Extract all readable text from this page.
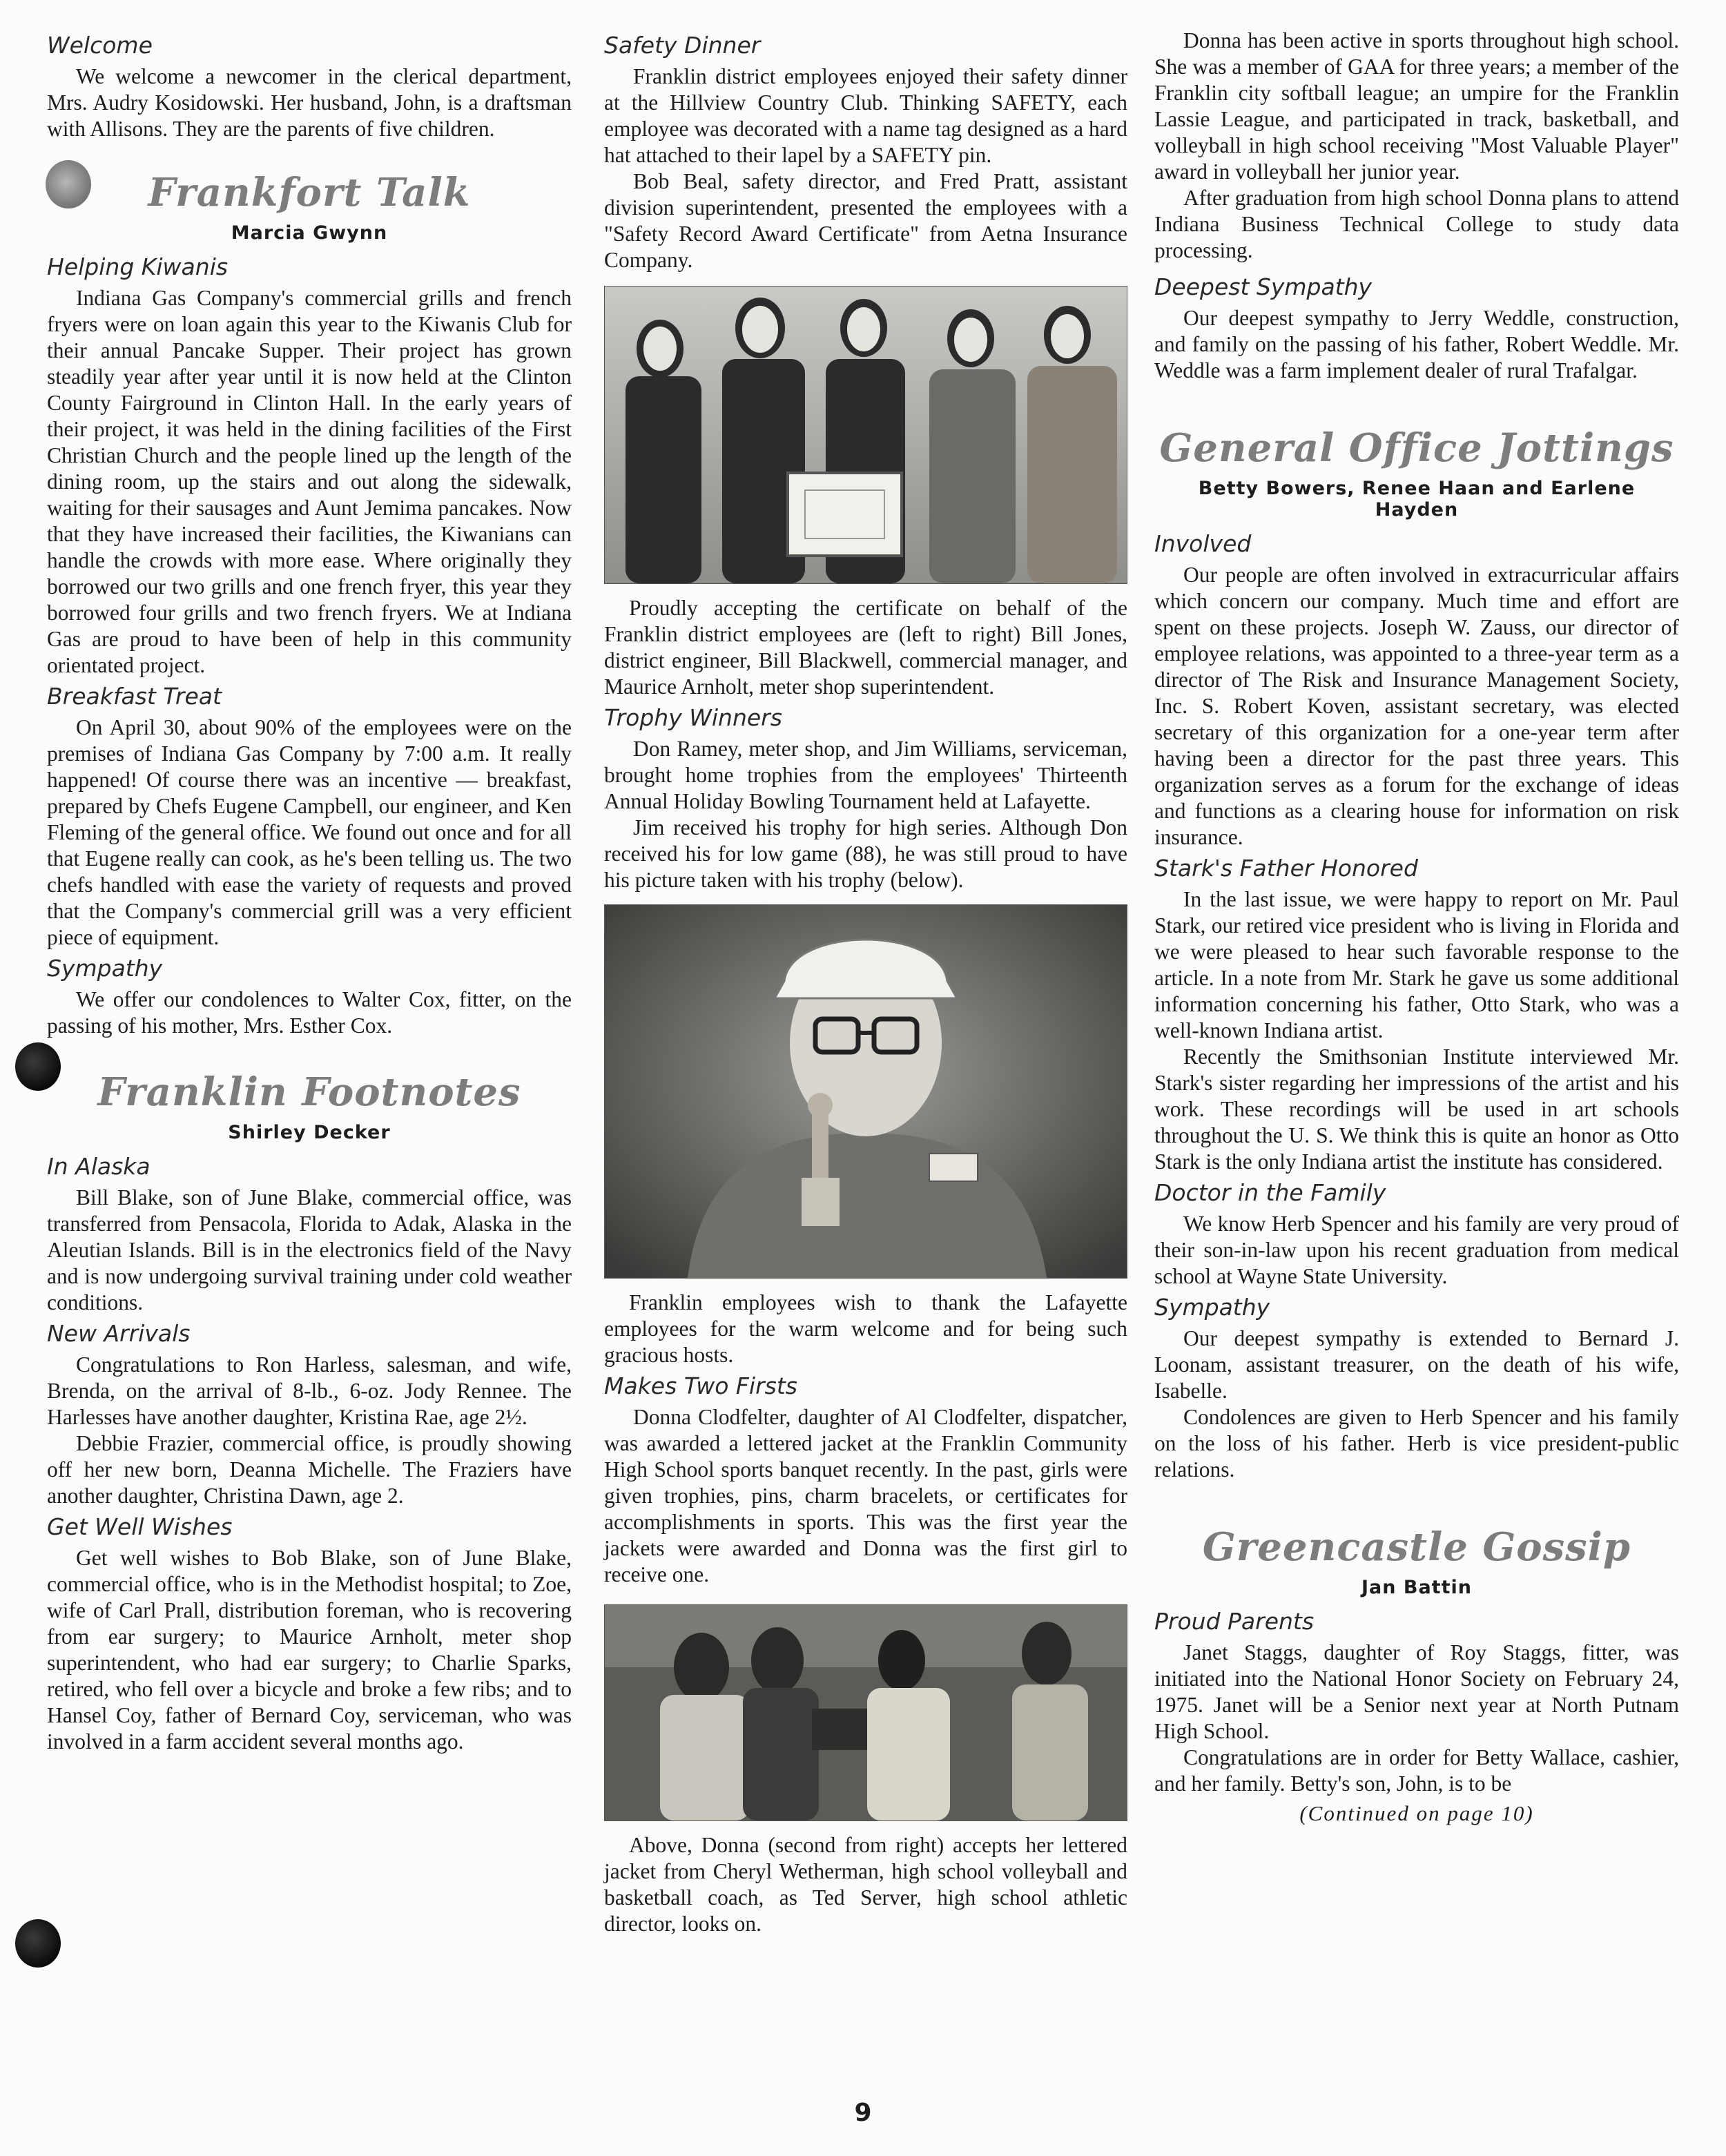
Welcome

We welcome a newcomer in the clerical department, Mrs. Audry Kosidowski. Her husband, John, is a draftsman with Allisons. They are the parents of five children.

Frankfort Talk
Marcia Gwynn
Helping Kiwanis

Indiana Gas Company's commercial grills and french fryers were on loan again this year to the Kiwanis Club for their annual Pancake Supper. Their project has grown steadily year after year until it is now held at the Clinton County Fairground in Clinton Hall. In the early years of their project, it was held in the dining facilities of the First Christian Church and the people lined up the length of the dining room, up the stairs and out along the sidewalk, waiting for their sausages and Aunt Jemima pancakes. Now that they have increased their facilities, the Kiwanians can handle the crowds with more ease. Where originally they borrowed our two grills and one french fryer, this year they borrowed four grills and two french fryers. We at Indiana Gas are proud to have been of help in this community orientated project.

Breakfast Treat

On April 30, about 90% of the employees were on the premises of Indiana Gas Company by 7:00 a.m. It really happened! Of course there was an incentive — breakfast, prepared by Chefs Eugene Campbell, our engineer, and Ken Fleming of the general office. We found out once and for all that Eugene really can cook, as he's been telling us. The two chefs handled with ease the variety of requests and proved that the Company's commercial grill was a very efficient piece of equipment.

Sympathy

We offer our condolences to Walter Cox, fitter, on the passing of his mother, Mrs. Esther Cox.

Franklin Footnotes
Shirley Decker
In Alaska

Bill Blake, son of June Blake, commercial office, was transferred from Pensacola, Florida to Adak, Alaska in the Aleutian Islands. Bill is in the electronics field of the Navy and is now undergoing survival training under cold weather conditions.

New Arrivals

Congratulations to Ron Harless, salesman, and wife, Brenda, on the arrival of 8-lb., 6-oz. Jody Rennee. The Harlesses have another daughter, Kristina Rae, age 2½.

Debbie Frazier, commercial office, is proudly showing off her new born, Deanna Michelle. The Fraziers have another daughter, Christina Dawn, age 2.

Get Well Wishes

Get well wishes to Bob Blake, son of June Blake, commercial office, who is in the Methodist hospital; to Zoe, wife of Carl Prall, distribution foreman, who is recovering from ear surgery; to Maurice Arnholt, meter shop superintendent, who had ear surgery; to Charlie Sparks, retired, who fell over a bicycle and broke a few ribs; and to Hansel Coy, father of Bernard Coy, serviceman, who was involved in a farm accident several months ago.

Safety Dinner

Franklin district employees enjoyed their safety dinner at the Hillview Country Club. Thinking SAFETY, each employee was decorated with a name tag designed as a hard hat attached to their lapel by a SAFETY pin.

Bob Beal, safety director, and Fred Pratt, assistant division superintendent, presented the employees with a "Safety Record Award Certificate" from Aetna Insurance Company.

Proudly accepting the certificate on behalf of the Franklin district employees are (left to right) Bill Jones, district engineer, Bill Blackwell, commercial manager, and Maurice Arnholt, meter shop superintendent.

Trophy Winners

Don Ramey, meter shop, and Jim Williams, serviceman, brought home trophies from the employees' Thirteenth Annual Holiday Bowling Tournament held at Lafayette.

Jim received his trophy for high series. Although Don received his for low game (88), he was still proud to have his picture taken with his trophy (below).

Franklin employees wish to thank the Lafayette employees for the warm welcome and for being such gracious hosts.

Makes Two Firsts

Donna Clodfelter, daughter of Al Clodfelter, dispatcher, was awarded a lettered jacket at the Franklin Community High School sports banquet recently. In the past, girls were given trophies, pins, charm bracelets, or certificates for accomplishments in sports. This was the first year the jackets were awarded and Donna was the first girl to receive one.

Above, Donna (second from right) accepts her lettered jacket from Cheryl Wetherman, high school volleyball and basketball coach, as Ted Server, high school athletic director, looks on.

Donna has been active in sports throughout high school. She was a member of GAA for three years; a member of the Franklin city softball league; an umpire for the Franklin Lassie League, and participated in track, basketball, and volleyball in high school receiving "Most Valuable Player" award in volleyball her junior year.

After graduation from high school Donna plans to attend Indiana Business Technical College to study data processing.

Deepest Sympathy

Our deepest sympathy to Jerry Weddle, construction, and family on the passing of his father, Robert Weddle. Mr. Weddle was a farm implement dealer of rural Trafalgar.

General Office Jottings
Betty Bowers, Renee Haan and Earlene Hayden
Involved

Our people are often involved in extracurricular affairs which concern our company. Much time and effort are spent on these projects. Joseph W. Zauss, our director of employee relations, was appointed to a three-year term as a director of The Risk and Insurance Management Society, Inc. S. Robert Koven, assistant secretary, was elected secretary of this organization for a one-year term after having been a director for the past three years. This organization serves as a forum for the exchange of ideas and functions as a clearing house for information on risk insurance.

Stark's Father Honored

In the last issue, we were happy to report on Mr. Paul Stark, our retired vice president who is living in Florida and we were pleased to hear such favorable response to the article. In a note from Mr. Stark he gave us some additional information concerning his father, Otto Stark, who was a well-known Indiana artist.

Recently the Smithsonian Institute interviewed Mr. Stark's sister regarding her impressions of the artist and his work. These recordings will be used in art schools throughout the U. S. We think this is quite an honor as Otto Stark is the only Indiana artist the institute has considered.

Doctor in the Family

We know Herb Spencer and his family are very proud of their son-in-law upon his recent graduation from medical school at Wayne State University.

Sympathy

Our deepest sympathy is extended to Bernard J. Loonam, assistant treasurer, on the death of his wife, Isabelle.

Condolences are given to Herb Spencer and his family on the loss of his father. Herb is vice president-public relations.

Greencastle Gossip
Jan Battin
Proud Parents

Janet Staggs, daughter of Roy Staggs, fitter, was initiated into the National Honor Society on February 24, 1975. Janet will be a Senior next year at North Putnam High School.

Congratulations are in order for Betty Wallace, cashier, and her family. Betty's son, John, is to be

(Continued on page 10)
9
